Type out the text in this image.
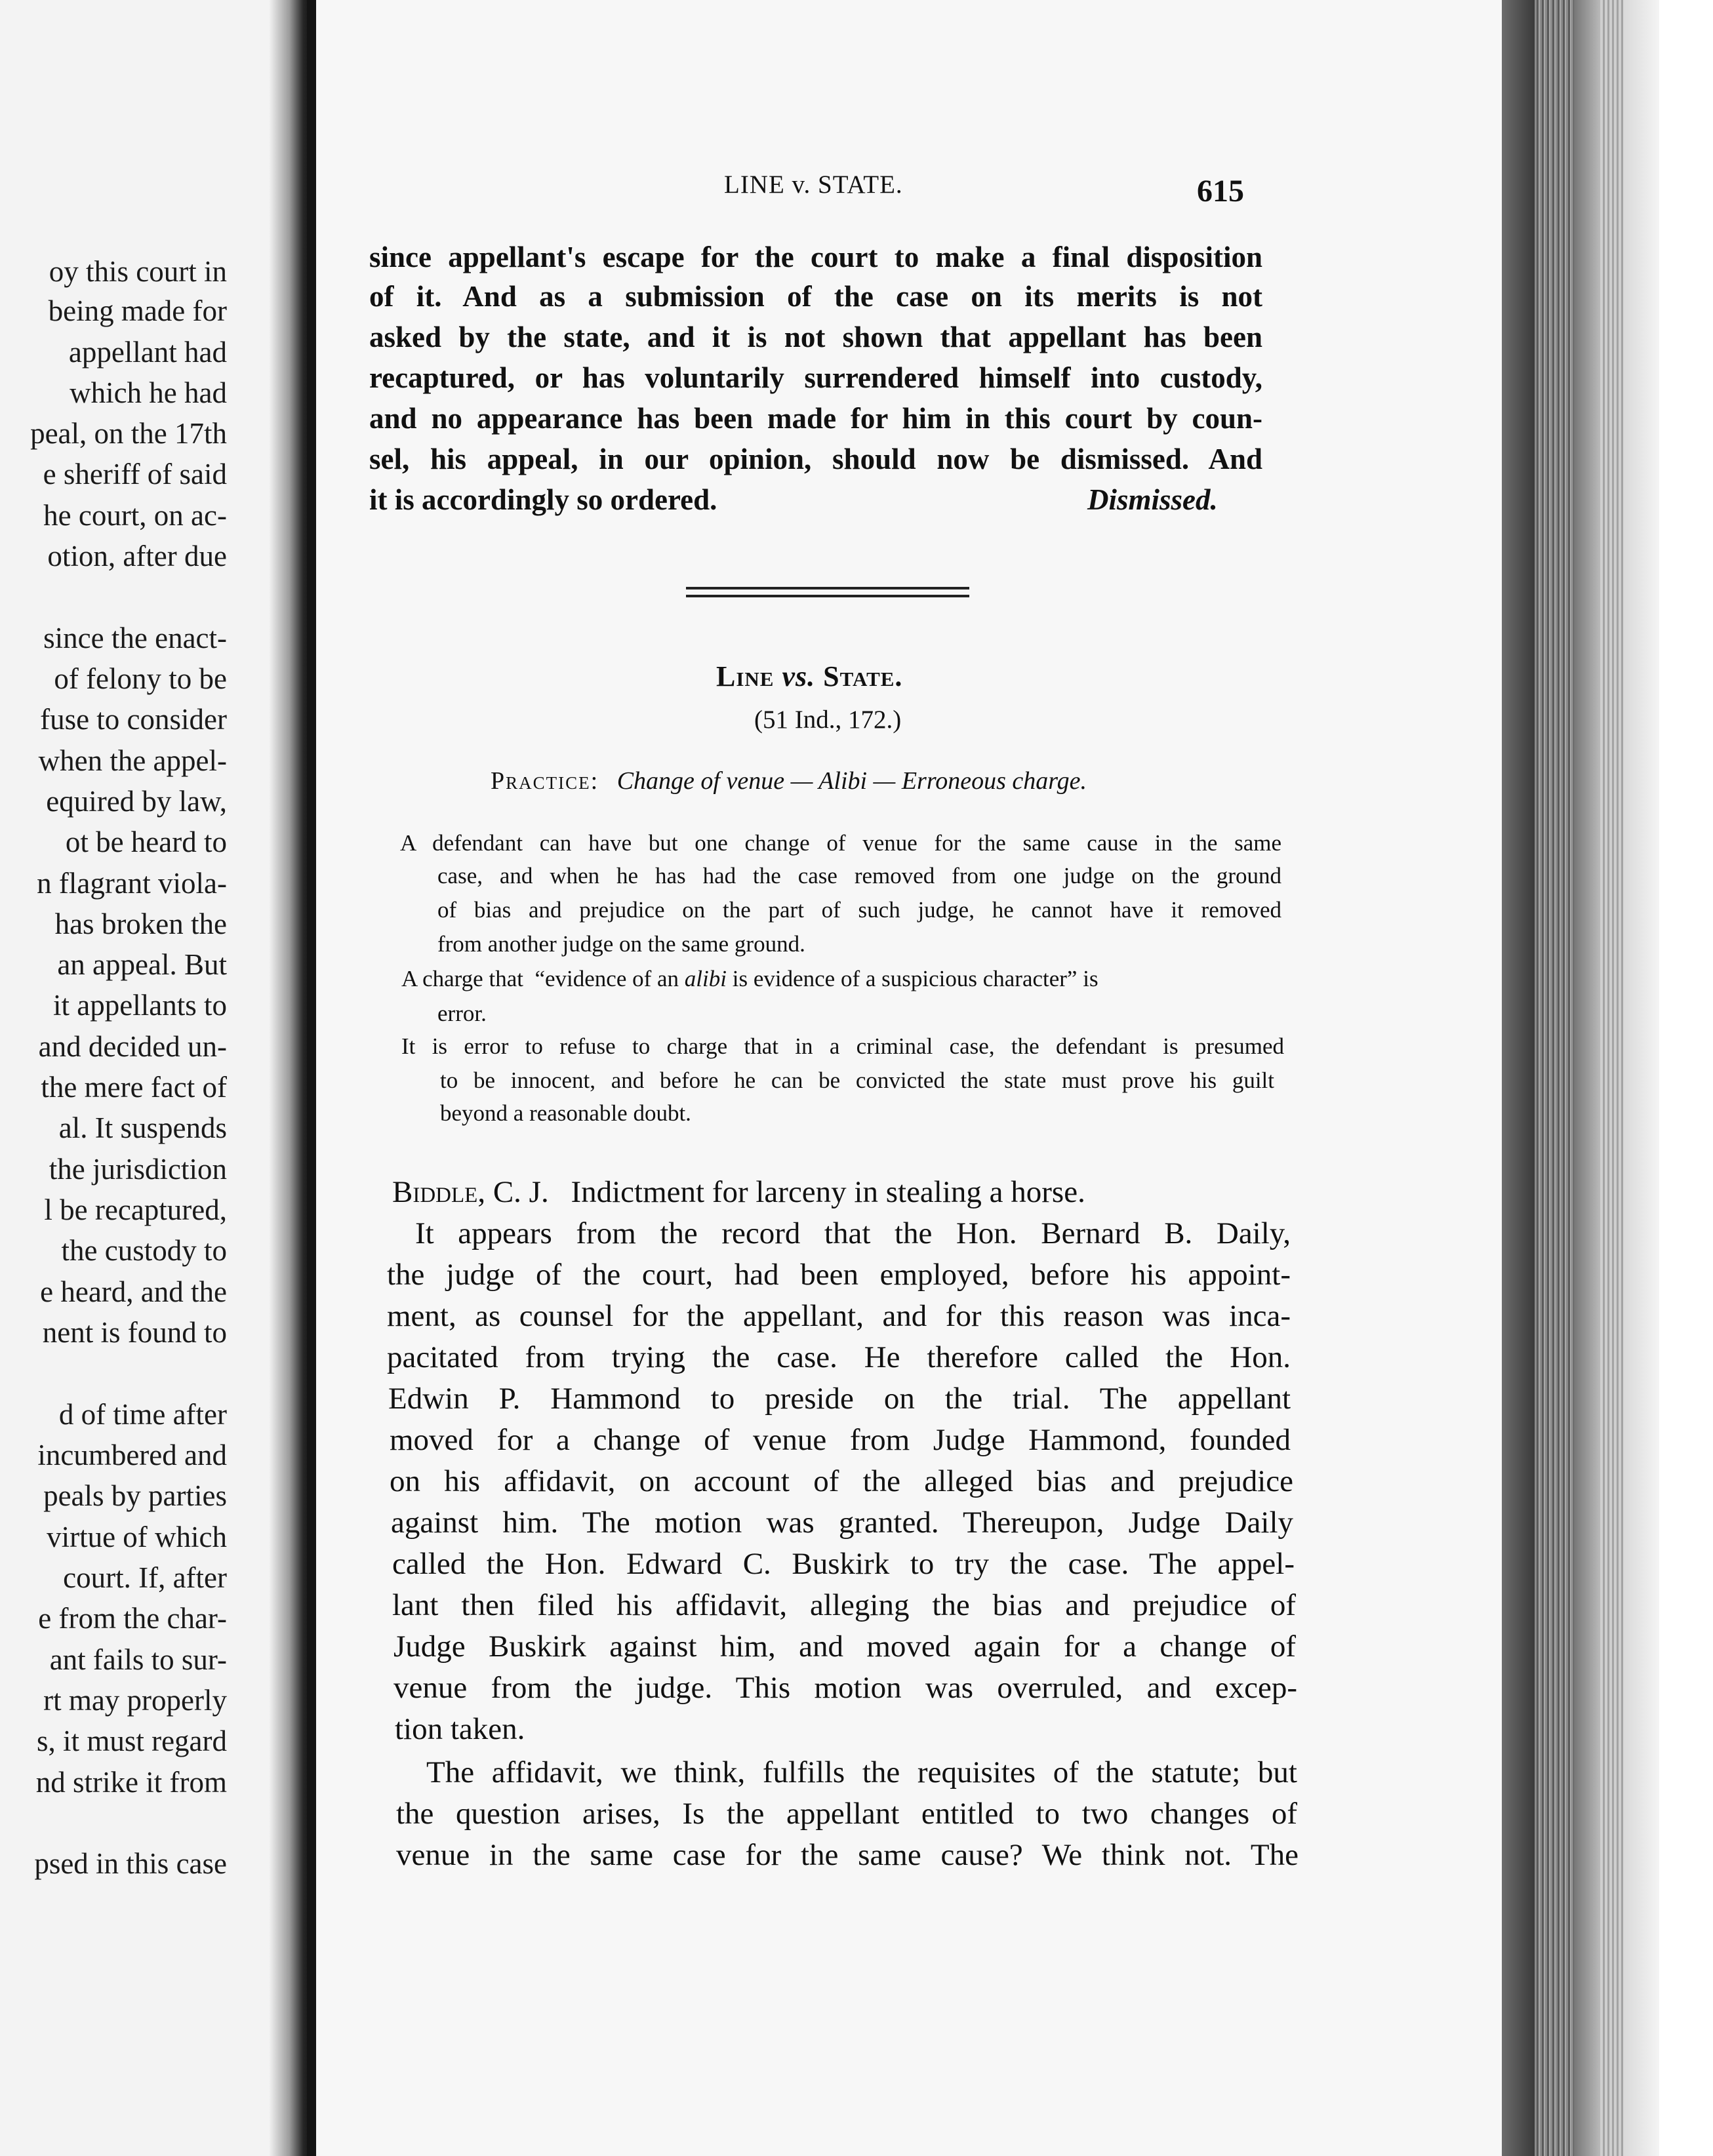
oy this court in
being made for
appellant had
which he had
peal, on the 17th
e sheriff of said
he court, on ac-
otion, after due
since the enact-
of felony to be
fuse to consider
when the appel-
equired by law,
ot be heard to
n flagrant viola-
has broken the
an appeal. But
it appellants to
and decided un-
the mere fact of
al. It suspends
the jurisdiction
l be recaptured,
the custody to
e heard, and the
nent is found to
d of time after
incumbered and
peals by parties
virtue of which
court. If, after
e from the char-
ant fails to sur-
rt may properly
s, it must regard
nd strike it from
psed in this case
LINE v. STATE.	615
since appellant's escape for the court to make a final disposition
of it. And as a submission of the case on its merits is not
asked by the state, and it is not shown that appellant has been
recaptured, or has voluntarily surrendered himself into custody,
and no appearance has been made for him in this court by coun-
sel, his appeal, in our opinion, should now be dismissed. And
it is accordingly so ordered.	Dismissed.
Line vs. State.
(51 Ind., 172.)
Practice: Change of venue — Alibi — Erroneous charge.
A defendant can have but one change of venue for the same cause in the same
case, and when he has had the case removed from one judge on the ground
of bias and prejudice on the part of such judge, he cannot have it removed
from another judge on the same ground.
A charge that  “evidence of an alibi is evidence of a suspicious character” is
error.
It is error to refuse to charge that in a criminal case, the defendant is presumed
to be innocent, and before he can be convicted the state must prove his guilt
beyond a reasonable doubt.
Biddle, C. J. Indictment for larceny in stealing a horse.
It appears from the record that the Hon. Bernard B. Daily,
the judge of the court, had been employed, before his appoint-
ment, as counsel for the appellant, and for this reason was inca-
pacitated from trying the case. He therefore called the Hon.
Edwin P. Hammond to preside on the trial. The appellant
moved for a change of venue from Judge Hammond, founded
on his affidavit, on account of the alleged bias and prejudice
against him. The motion was granted. Thereupon, Judge Daily
called the Hon. Edward C. Buskirk to try the case. The appel-
lant then filed his affidavit, alleging the bias and prejudice of
Judge Buskirk against him, and moved again for a change of
venue from the judge. This motion was overruled, and excep-
tion taken.
The affidavit, we think, fulfills the requisites of the statute; but
the question arises, Is the appellant entitled to two changes of
venue in the same case for the same cause? We think not. The
